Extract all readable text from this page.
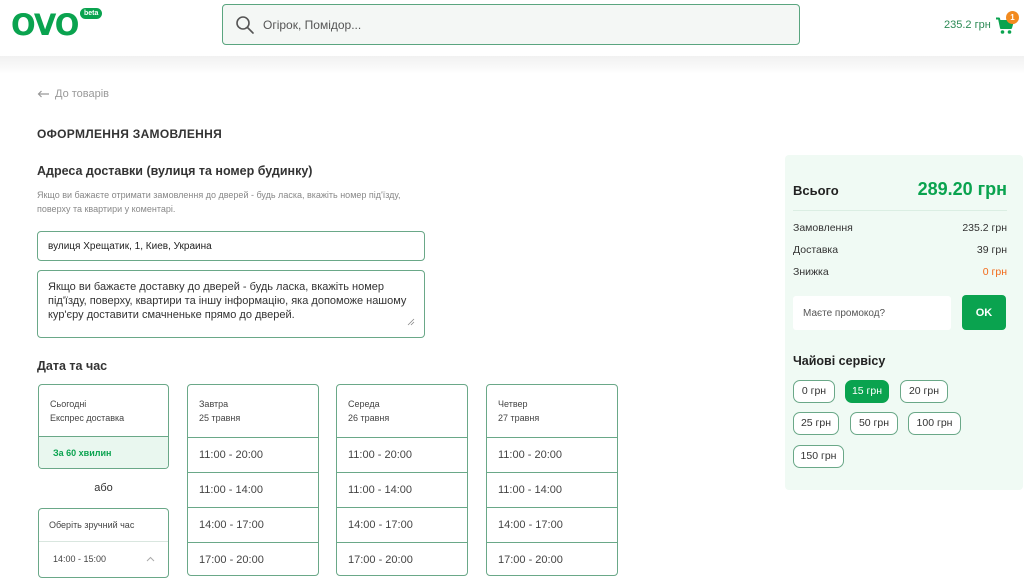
OVO beta
Огірок, Помідор...
235.2 грн
1
До товарів
ОФОРМЛЕННЯ ЗАМОВЛЕННЯ
Адреса доставки (вулиця та номер будинку)
Якщо ви бажаєте отримати замовлення до дверей - будь ласка, вкажіть номер під'їзду, поверху та квартири у коментарі.
вулиця Хрещатик, 1, Киев, Украина
Якщо ви бажаєте доставку до дверей - будь ласка, вкажіть номер під'їзду, поверху, квартири та іншу інформацію, яка допоможе нашому кур'єру доставити смачненьке прямо до дверей.
Дата та час
Сьогодні
Експрес доставка
За 60 хвилин
або
Оберіть зручний час
14:00 - 15:00
Завтра
25 травня
11:00 - 20:00
11:00 - 14:00
14:00 - 17:00
17:00 - 20:00
Середа
26 травня
11:00 - 20:00
11:00 - 14:00
14:00 - 17:00
17:00 - 20:00
Четвер
27 травня
11:00 - 20:00
11:00 - 14:00
14:00 - 17:00
17:00 - 20:00
Всього	289.20 грн
Замовлення	235.2 грн
Доставка	39 грн
Знижка	0 грн
Маєте промокод?
OK
Чайові сервісу
0 грн	15 грн	20 грн
25 грн	50 грн	100 грн
150 грн
